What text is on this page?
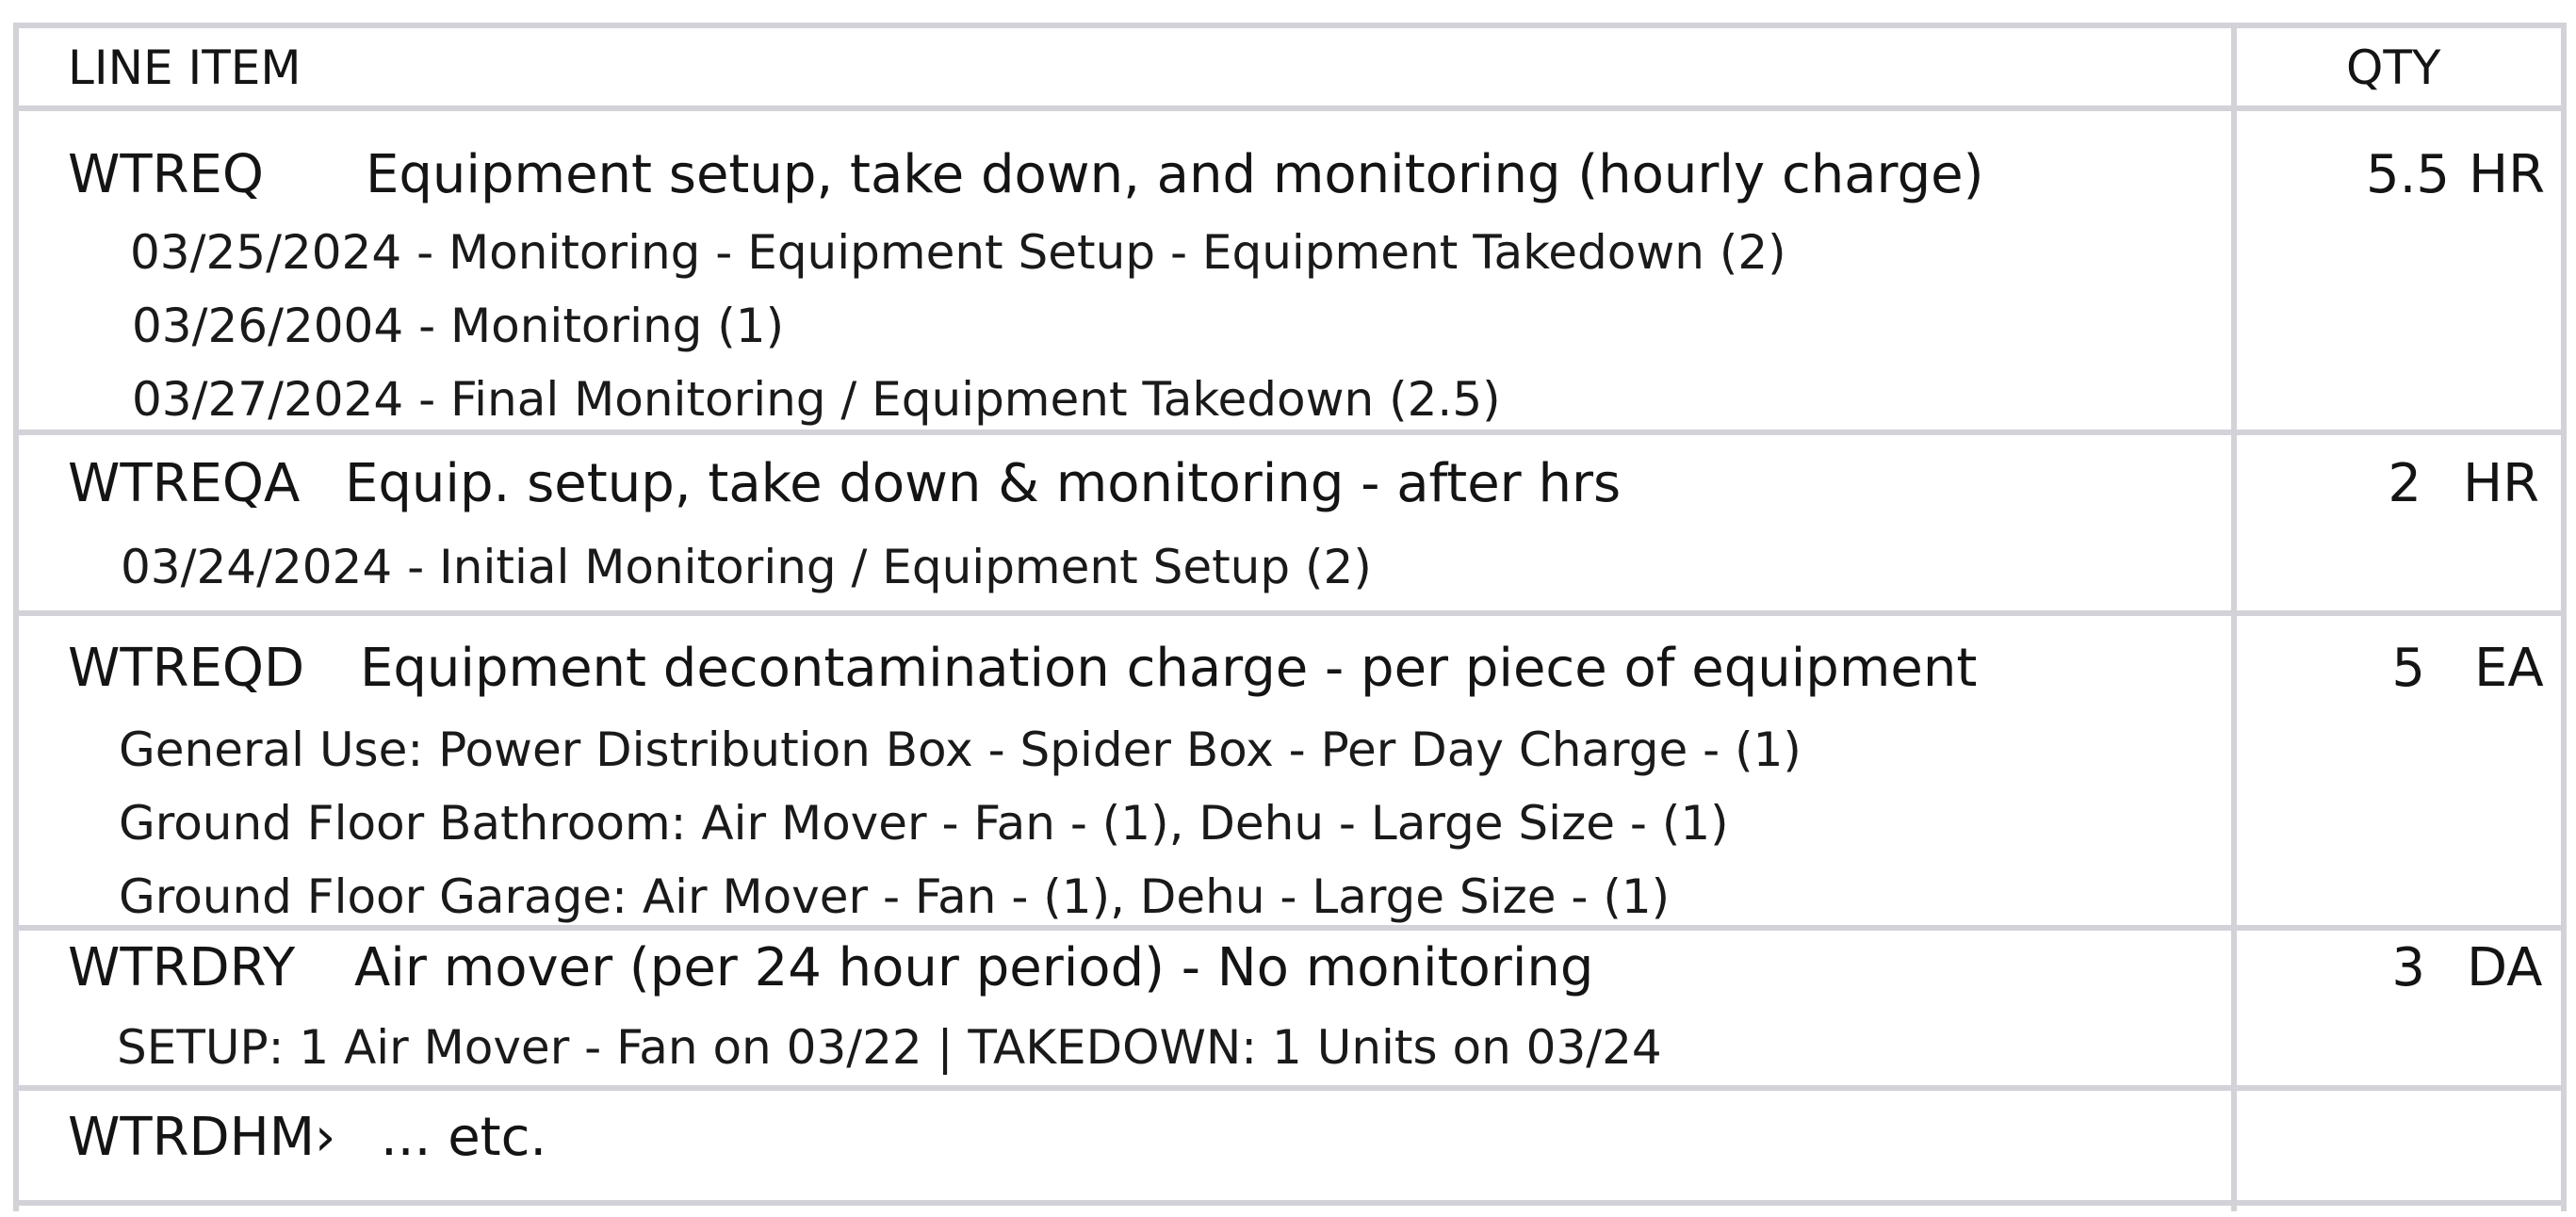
LINE ITEM	QTY
WTREQ Equipment setup, take down, and monitoring (hourly charge)
03/25/2024 - Monitoring - Equipment Setup - Equipment Takedown (2)
03/26/2004 - Monitoring (1)
03/27/2024 - Final Monitoring / Equipment Takedown (2.5)
5.5 HR
WTREQA Equip. setup, take down & monitoring - after hrs
03/24/2024 - Initial Monitoring / Equipment Setup (2)
2 HR
WTREQD Equipment decontamination charge - per piece of equipment
General Use: Power Distribution Box - Spider Box - Per Day Charge - (1)
Ground Floor Bathroom: Air Mover - Fan - (1), Dehu - Large Size - (1)
Ground Floor Garage: Air Mover - Fan - (1), Dehu - Large Size - (1)
5 EA
WTRDRY Air mover (per 24 hour period) - No monitoring
SETUP: 1 Air Mover - Fan on 03/22 | TAKEDOWN: 1 Units on 03/24
3 DA
WTRDHM› ... etc.
